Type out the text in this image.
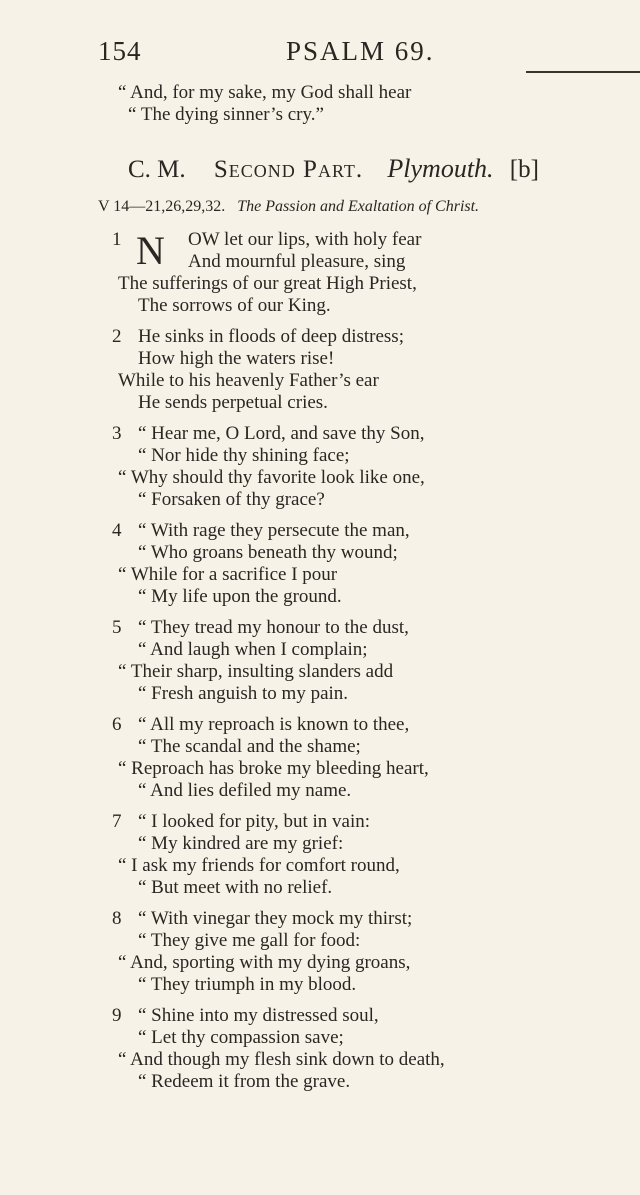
154	PSALM 69.
“ And, for my sake, my God shall hear
“ The dying sinner’s cry.”
C. M. Second Part. Plymouth. [b]
V 14—21,26,29,32. The Passion and Exaltation of Christ.
1 N	OW let our lips, with holy fear
And mournful pleasure, sing
The sufferings of our great High Priest,
The sorrows of our King.
2 He sinks in floods of deep distress;
How high the waters rise!
While to his heavenly Father’s ear
He sends perpetual cries.
3 “ Hear me, O Lord, and save thy Son,
“ Nor hide thy shining face;
“ Why should thy favorite look like one,
“ Forsaken of thy grace?
4 “ With rage they persecute the man,
“ Who groans beneath thy wound;
“ While for a sacrifice I pour
“ My life upon the ground.
5 “ They tread my honour to the dust,
“ And laugh when I complain;
“ Their sharp, insulting slanders add
“ Fresh anguish to my pain.
6 “ All my reproach is known to thee,
“ The scandal and the shame;
“ Reproach has broke my bleeding heart,
“ And lies defiled my name.
7 “ I looked for pity, but in vain:
“ My kindred are my grief:
“ I ask my friends for comfort round,
“ But meet with no relief.
8 “ With vinegar they mock my thirst;
“ They give me gall for food:
“ And, sporting with my dying groans,
“ They triumph in my blood.
9 “ Shine into my distressed soul,
“ Let thy compassion save;
“ And though my flesh sink down to death,
“ Redeem it from the grave.
